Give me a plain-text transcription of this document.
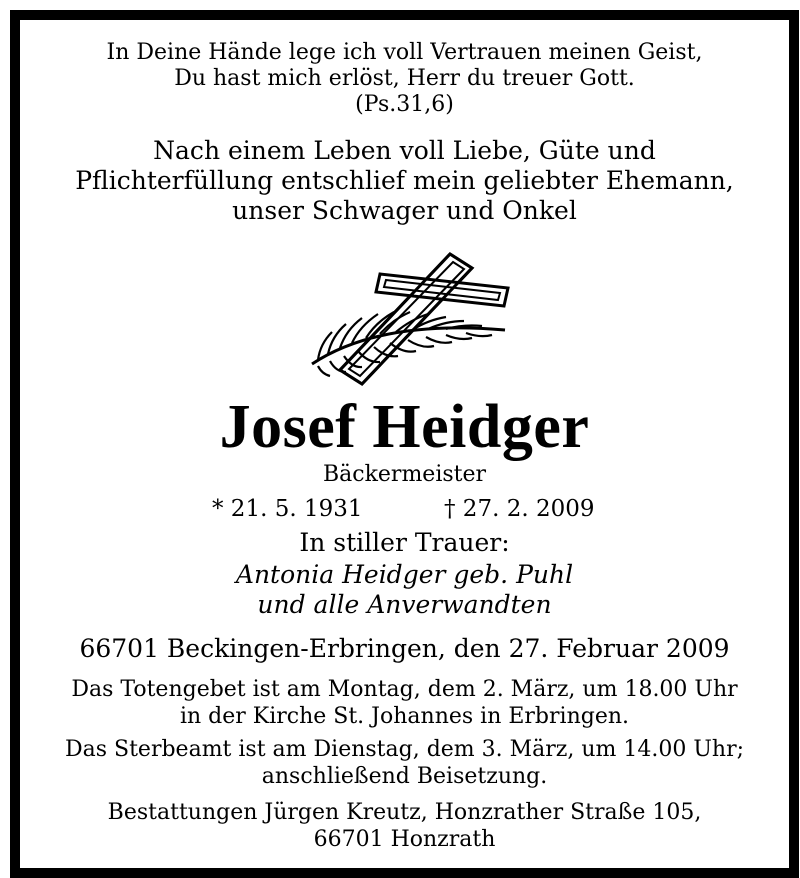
In Deine Hände lege ich voll Vertrauen meinen Geist,
Du hast mich erlöst, Herr du treuer Gott.
(Ps.31,6)
Nach einem Leben voll Liebe, Güte und
Pflichterfüllung entschlief mein geliebter Ehemann,
unser Schwager und Onkel
Josef Heidger
Bäckermeister
* 21. 5. 1931	† 27. 2. 2009
In stiller Trauer:
Antonia Heidger geb. Puhl
und alle Anverwandten
66701 Beckingen-Erbringen, den 27. Februar 2009
Das Totengebet ist am Montag, dem 2. März, um 18.00 Uhr
in der Kirche St. Johannes in Erbringen.
Das Sterbeamt ist am Dienstag, dem 3. März, um 14.00 Uhr;
anschließend Beisetzung.
Bestattungen Jürgen Kreutz, Honzrather Straße 105,
66701 Honzrath
